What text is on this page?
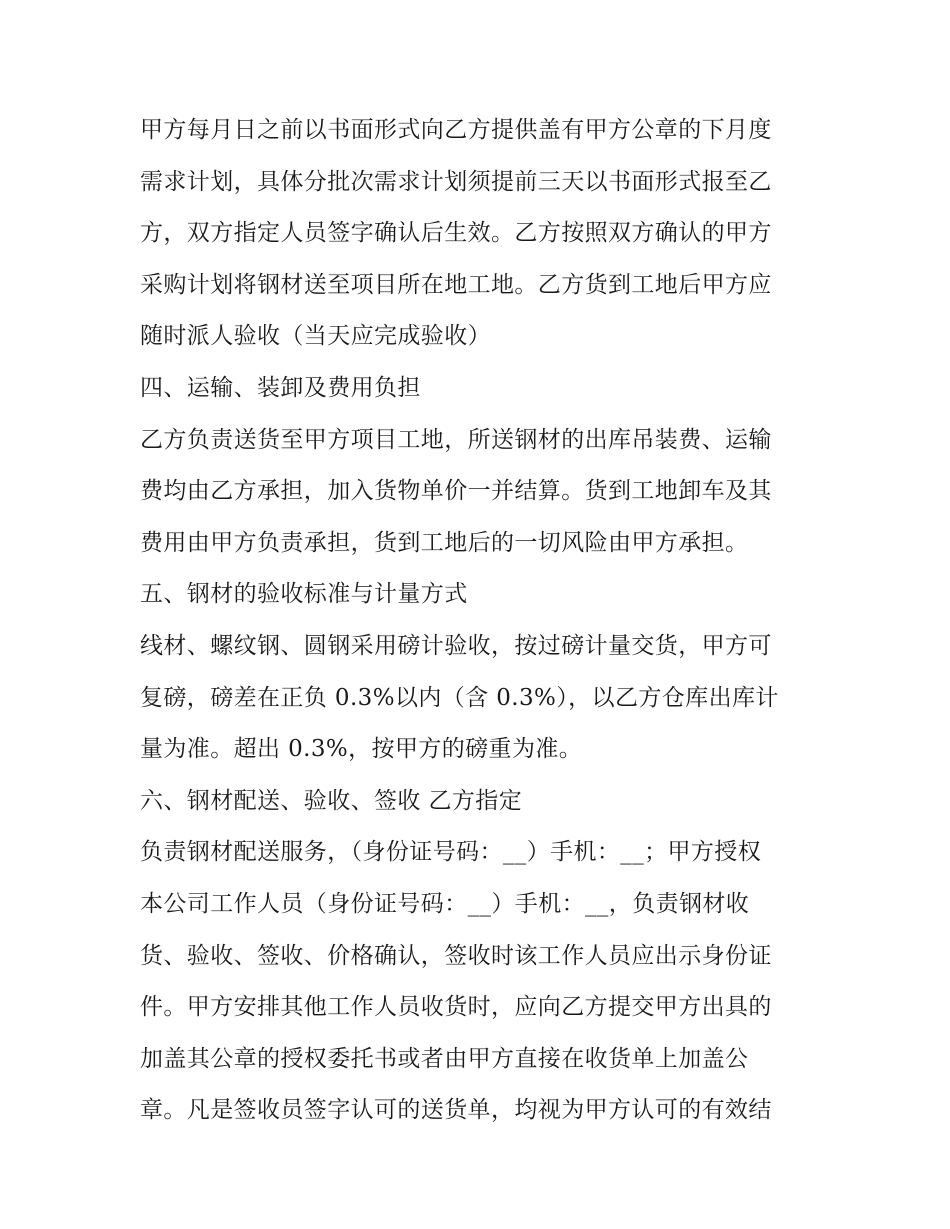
甲方每月日之前以书面形式向乙方提供盖有甲方公章的下月度
需求计划，具体分批次需求计划须提前三天以书面形式报至乙
方，双方指定人员签字确认后生效。乙方按照双方确认的甲方
采购计划将钢材送至项目所在地工地。乙方货到工地后甲方应
随时派人验收（当天应完成验收）
四、运输、装卸及费用负担
乙方负责送货至甲方项目工地，所送钢材的出库吊装费、运输
费均由乙方承担，加入货物单价一并结算。货到工地卸车及其
费用由甲方负责承担，货到工地后的一切风险由甲方承担。
五、钢材的验收标准与计量方式
线材、螺纹钢、圆钢采用磅计验收，按过磅计量交货，甲方可
复磅，磅差在正负 0.3%以内（含 0.3%），以乙方仓库出库计
量为准。超出 0.3%，按甲方的磅重为准。
六、钢材配送、验收、签收 乙方指定
负责钢材配送服务，（身份证号码：__）手机：__；甲方授权
本公司工作人员（身份证号码：__）手机：__，负责钢材收
货、验收、签收、价格确认，签收时该工作人员应出示身份证
件。甲方安排其他工作人员收货时，应向乙方提交甲方出具的
加盖其公章的授权委托书或者由甲方直接在收货单上加盖公
章。凡是签收员签字认可的送货单，均视为甲方认可的有效结
